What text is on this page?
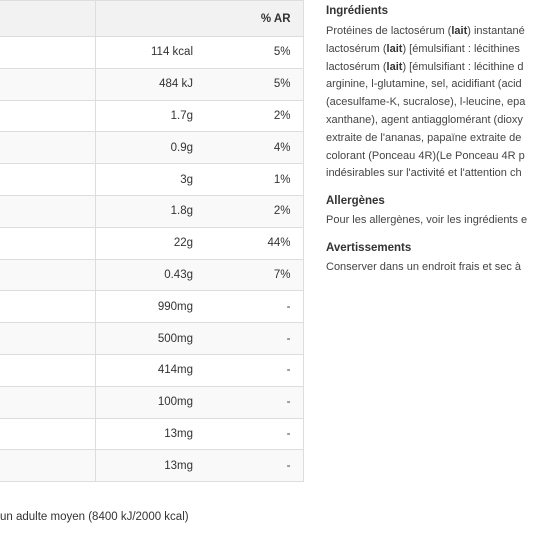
		% AR
	114 kcal	5%
	484 kJ	5%
	1.7g	2%
	0.9g	4%
	3g	1%
	1.8g	2%
	22g	44%
	0.43g	7%
	990mg	-
	500mg	-
	414mg	-
	100mg	-
	13mg	-
	13mg	-
un adulte moyen (8400 kJ/2000 kcal)
Ingrédients

Protéines de lactosérum (lait) instantané

lactosérum (lait) [émulsifiant : lécithines

lactosérum (lait) [émulsifiant : lécithine d

arginine, l-glutamine, sel, acidifiant (acid

(acesulfame-K, sucralose), l-leucine, epa

xanthane), agent antiagglomérant (dioxy

extraite de l'ananas, papaïne extraite de

colorant (Ponceau 4R)(Le Ponceau 4R p

indésirables sur l'activité et l'attention ch

Allergènes

Pour les allergènes, voir les ingrédients e

Avertissements

Conserver dans un endroit frais et sec à
